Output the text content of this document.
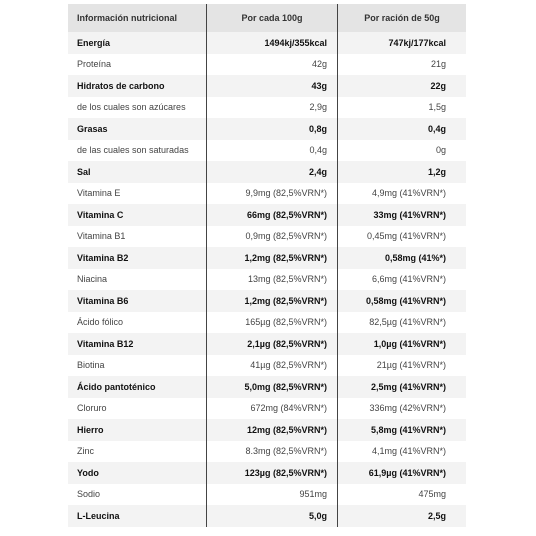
Información nutricional	Por cada 100g	Por ración de 50g
Energía	1494kj/355kcal	747kj/177kcal
Proteína	42g	21g
Hidratos de carbono	43g	22g
de los cuales son azúcares	2,9g	1,5g
Grasas	0,8g	0,4g
de las cuales son saturadas	0,4g	0g
Sal	2,4g	1,2g
Vitamina E	9,9mg (82,5%VRN*)	4,9mg (41%VRN*)
Vitamina C	66mg (82,5%VRN*)	33mg (41%VRN*)
Vitamina B1	0,9mg (82,5%VRN*)	0,45mg (41%VRN*)
Vitamina B2	1,2mg (82,5%VRN*)	0,58mg (41%*)
Niacina	13mg (82,5%VRN*)	6,6mg (41%VRN*)
Vitamina B6	1,2mg (82,5%VRN*)	0,58mg (41%VRN*)
Ácido fólico	165µg (82,5%VRN*)	82,5µg (41%VRN*)
Vitamina B12	2,1µg (82,5%VRN*)	1,0µg (41%VRN*)
Biotina	41µg (82,5%VRN*)	21µg (41%VRN*)
Ácido pantoténico	5,0mg (82,5%VRN*)	2,5mg (41%VRN*)
Cloruro	672mg (84%VRN*)	336mg (42%VRN*)
Hierro	12mg (82,5%VRN*)	5,8mg (41%VRN*)
Zinc	8.3mg (82,5%VRN*)	4,1mg (41%VRN*)
Yodo	123µg (82,5%VRN*)	61,9µg (41%VRN*)
Sodio	951mg	475mg
L-Leucina	5,0g	2,5g
